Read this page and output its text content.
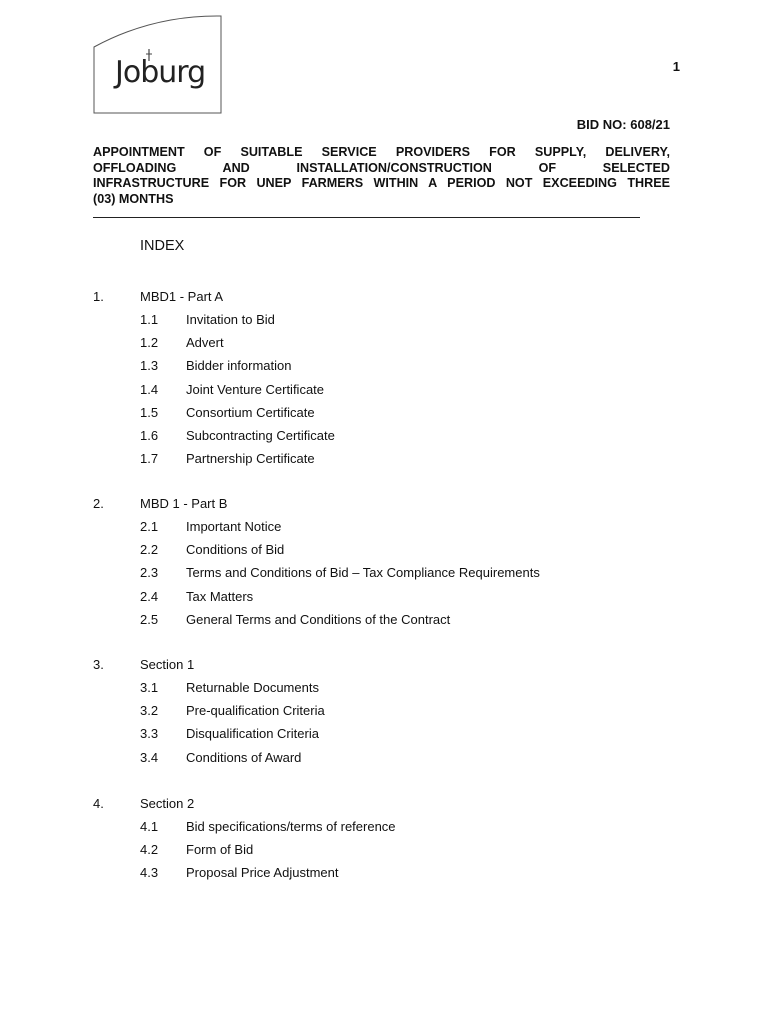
Joburg	1
BID NO: 608/21
APPOINTMENT OF SUITABLE SERVICE PROVIDERS FOR SUPPLY, DELIVERY,
OFFLOADING AND INSTALLATION/CONSTRUCTION OF SELECTED
INFRASTRUCTURE FOR UNEP FARMERS WITHIN A PERIOD NOT EXCEEDING THREE
(03) MONTHS
INDEX
1.	MBD1 - Part A
1.1 Invitation to Bid
1.2 Advert
1.3 Bidder information
1.4 Joint Venture Certificate
1.5 Consortium Certificate
1.6 Subcontracting Certificate
1.7 Partnership Certificate
2.	MBD 1 - Part B
2.1 Important Notice
2.2 Conditions of Bid
2.3 Terms and Conditions of Bid – Tax Compliance Requirements
2.4 Tax Matters
2.5 General Terms and Conditions of the Contract
3.	Section 1
3.1 Returnable Documents
3.2 Pre-qualification Criteria
3.3 Disqualification Criteria
3.4 Conditions of Award
4.	Section 2
4.1 Bid specifications/terms of reference
4.2 Form of Bid
4.3 Proposal Price Adjustment
